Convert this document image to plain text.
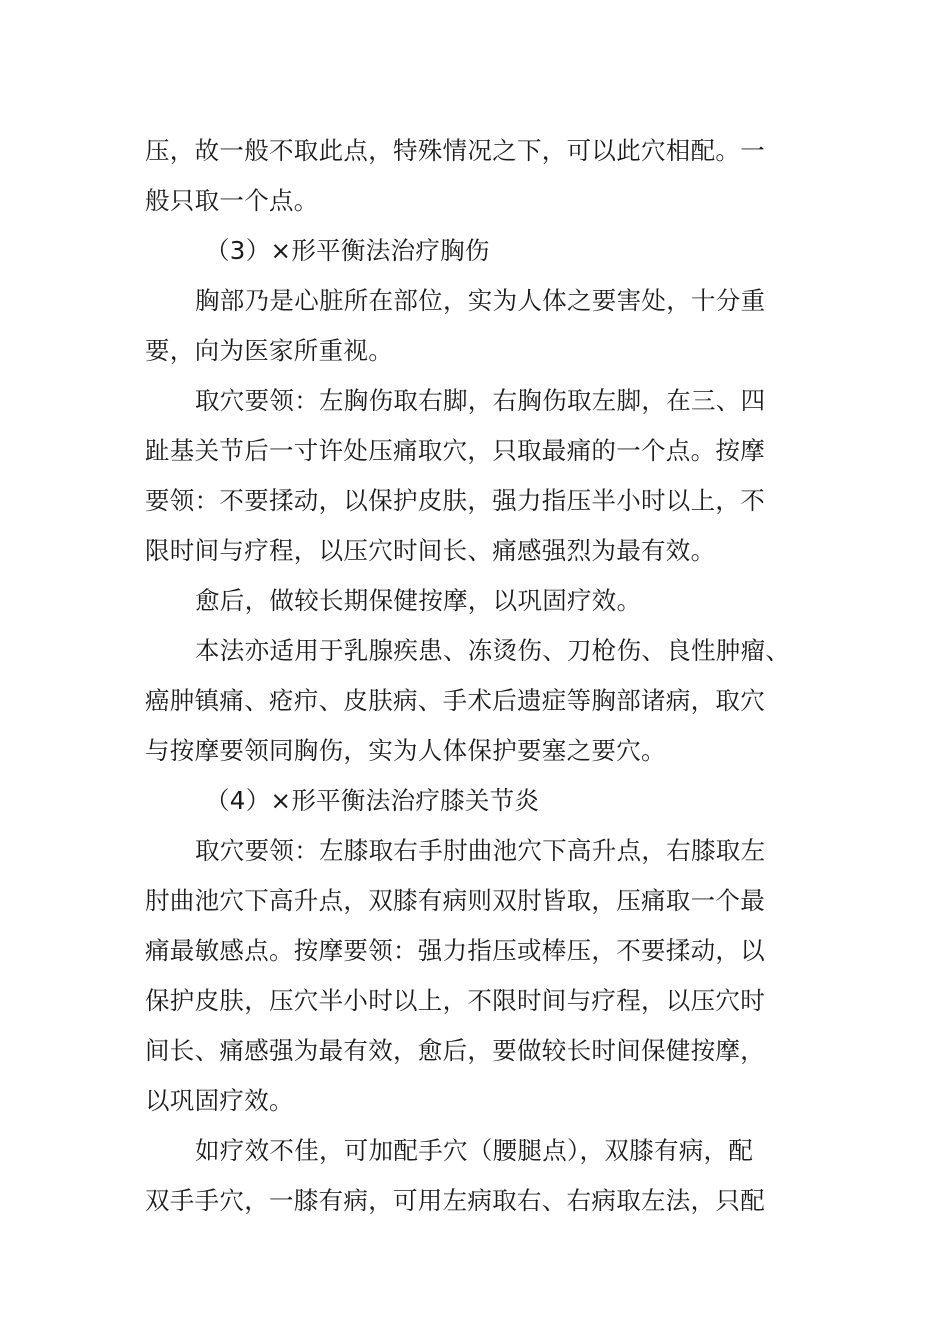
压，故一般不取此点，特殊情况之下，可以此穴相配。一
般只取一个点。
（3）×形平衡法治疗胸伤
胸部乃是心脏所在部位，实为人体之要害处，十分重
要，向为医家所重视。
取穴要领：左胸伤取右脚，右胸伤取左脚，在三、四
趾基关节后一寸许处压痛取穴，只取最痛的一个点。按摩
要领：不要揉动，以保护皮肤，强力指压半小时以上，不
限时间与疗程，以压穴时间长、痛感强烈为最有效。
愈后，做较长期保健按摩，以巩固疗效。
本法亦适用于乳腺疾患、冻烫伤、刀枪伤、良性肿瘤、
癌肿镇痛、疮疖、皮肤病、手术后遗症等胸部诸病，取穴
与按摩要领同胸伤，实为人体保护要塞之要穴。
（4）×形平衡法治疗膝关节炎
取穴要领：左膝取右手肘曲池穴下高升点，右膝取左
肘曲池穴下高升点，双膝有病则双肘皆取，压痛取一个最
痛最敏感点。按摩要领：强力指压或棒压，不要揉动，以
保护皮肤，压穴半小时以上，不限时间与疗程，以压穴时
间长、痛感强为最有效，愈后，要做较长时间保健按摩，
以巩固疗效。
如疗效不佳，可加配手穴（腰腿点），双膝有病，配
双手手穴，一膝有病，可用左病取右、右病取左法，只配
